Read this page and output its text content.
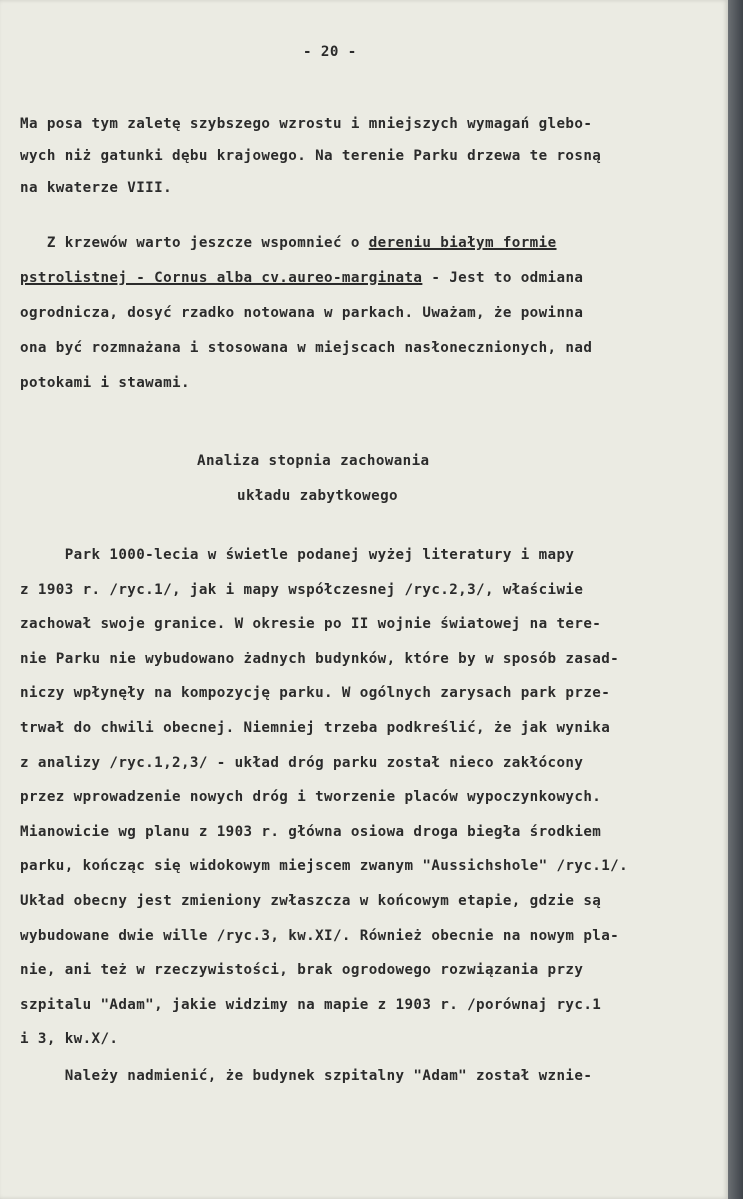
- 20 -
Ma posa tym zaletę szybszego wzrostu i mniejszych wymagań glebo-
wych niż gatunki dębu krajowego. Na terenie Parku drzewa te rosną
na kwaterze VIII.
Z krzewów warto jeszcze wspomnieć o dereniu białym formie
pstrolistnej - Cornus alba cv.aureo-marginata - Jest to odmiana
ogrodnicza, dosyć rzadko notowana w parkach. Uważam, że powinna
ona być rozmnażana i stosowana w miejscach nasłonecznionych, nad
potokami i stawami.
Analiza stopnia zachowania
układu zabytkowego
Park 1000-lecia w świetle podanej wyżej literatury i mapy
z 1903 r. /ryc.1/, jak i mapy współczesnej /ryc.2,3/, właściwie
zachował swoje granice. W okresie po II wojnie światowej na tere-
nie Parku nie wybudowano żadnych budynków, które by w sposób zasad-
niczy wpłynęły na kompozycję parku. W ogólnych zarysach park prze-
trwał do chwili obecnej. Niemniej trzeba podkreślić, że jak wynika
z analizy /ryc.1,2,3/ - układ dróg parku został nieco zakłócony
przez wprowadzenie nowych dróg i tworzenie placów wypoczynkowych.
Mianowicie wg planu z 1903 r. główna osiowa droga biegła środkiem
parku, kończąc się widokowym miejscem zwanym "Aussichshole" /ryc.1/.
Układ obecny jest zmieniony zwłaszcza w końcowym etapie, gdzie są
wybudowane dwie wille /ryc.3, kw.XI/. Również obecnie na nowym pla-
nie, ani też w rzeczywistości, brak ogrodowego rozwiązania przy
szpitalu "Adam", jakie widzimy na mapie z 1903 r. /porównaj ryc.1
i 3, kw.X/.
Należy nadmienić, że budynek szpitalny "Adam" został wznie-
